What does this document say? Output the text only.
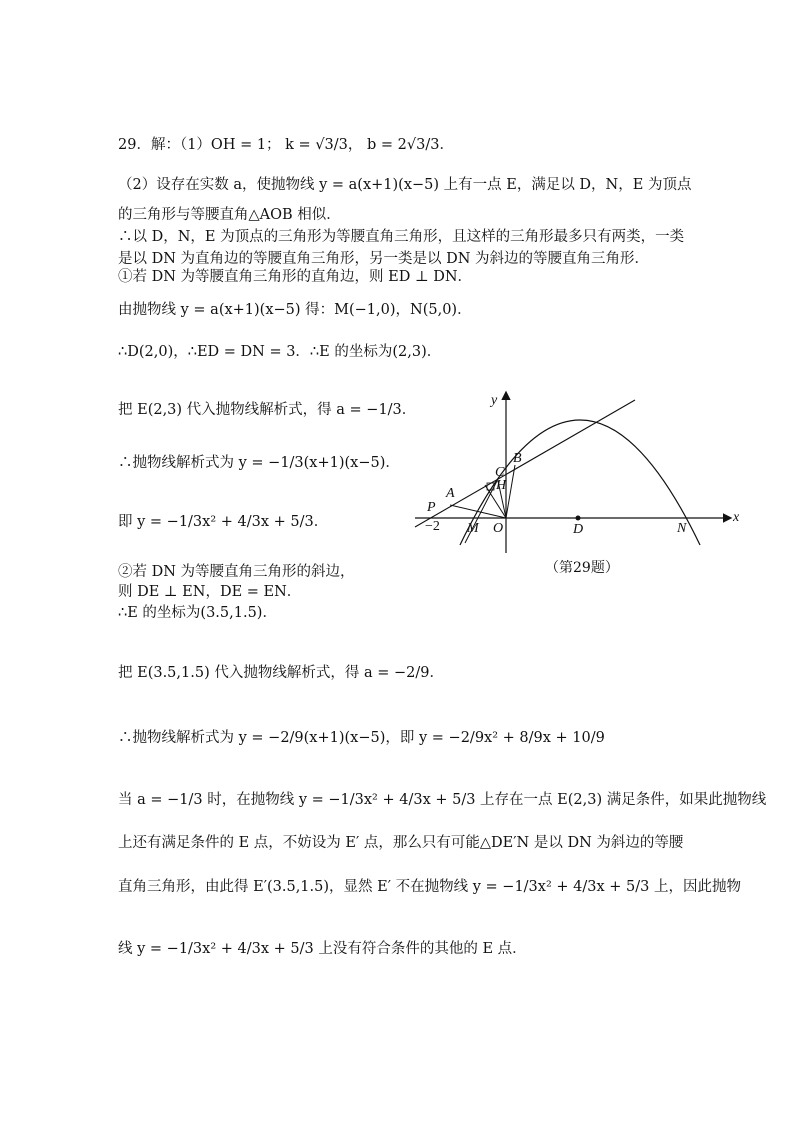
29．解：（1）OH = 1； k = √3/3， b = 2√3/3．
（2）设存在实数 a，使抛物线 y = a(x+1)(x−5) 上有一点 E，满足以 D，N，E 为顶点
的三角形与等腰直角△AOB 相似．
∴以 D，N，E 为顶点的三角形为等腰直角三角形，且这样的三角形最多只有两类，一类
是以 DN 为直角边的等腰直角三角形，另一类是以 DN 为斜边的等腰直角三角形．
①若 DN 为等腰直角三角形的直角边，则 ED ⊥ DN．
由抛物线 y = a(x+1)(x−5) 得：M(−1,0)，N(5,0)．
∴D(2,0)，∴ED = DN = 3．∴E 的坐标为(2,3)．
把 E(2,3) 代入抛物线解析式，得 a = −1/3．
∴抛物线解析式为 y = −1/3(x+1)(x−5)．
即 y = −1/3x² + 4/3x + 5/3．
②若 DN 为等腰直角三角形的斜边，
则 DE ⊥ EN，DE = EN．
∴E 的坐标为(3.5,1.5)．
把 E(3.5,1.5) 代入抛物线解析式，得 a = −2/9．
∴抛物线解析式为 y = −2/9(x+1)(x−5)，即 y = −2/9x² + 8/9x + 10/9
当 a = −1/3 时，在抛物线 y = −1/3x² + 4/3x + 5/3 上存在一点 E(2,3) 满足条件，如果此抛物线
上还有满足条件的 E 点，不妨设为 E′ 点，那么只有可能△DE′N 是以 DN 为斜边的等腰
直角三角形，由此得 E′(3.5,1.5)，显然 E′ 不在抛物线 y = −1/3x² + 4/3x + 5/3 上，因此抛物
线 y = −1/3x² + 4/3x + 5/3 上没有符合条件的其他的 E 点．
y
x
O	D	N
M
P
A
B
C
H
−2
（第29题）
